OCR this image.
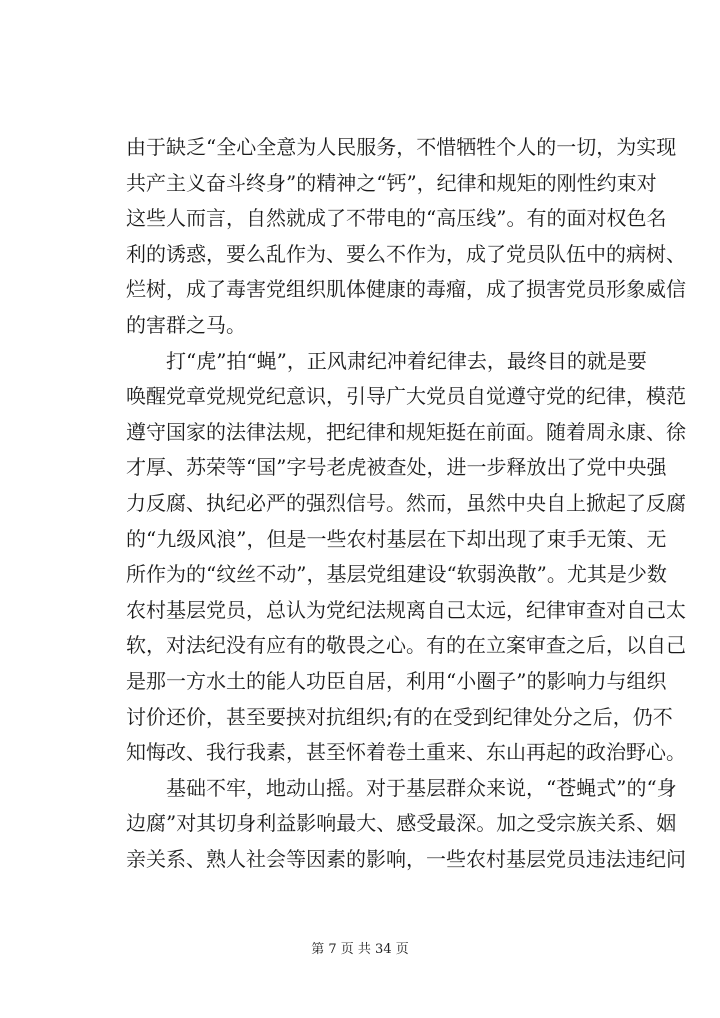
由于缺乏“全心全意为人民服务，不惜牺牲个人的一切，为实现
共产主义奋斗终身”的精神之“钙”，纪律和规矩的刚性约束对
这些人而言，自然就成了不带电的“高压线”。有的面对权色名
利的诱惑，要么乱作为、要么不作为，成了党员队伍中的病树、
烂树，成了毒害党组织肌体健康的毒瘤，成了损害党员形象威信
的害群之马。
打“虎”拍“蝇”，正风肃纪冲着纪律去，最终目的就是要
唤醒党章党规党纪意识，引导广大党员自觉遵守党的纪律，模范
遵守国家的法律法规，把纪律和规矩挺在前面。随着周永康、徐
才厚、苏荣等“国”字号老虎被查处，进一步释放出了党中央强
力反腐、执纪必严的强烈信号。然而，虽然中央自上掀起了反腐
的“九级风浪”，但是一些农村基层在下却出现了束手无策、无
所作为的“纹丝不动”，基层党组建设“软弱涣散”。尤其是少数
农村基层党员，总认为党纪法规离自己太远，纪律审查对自己太
软，对法纪没有应有的敬畏之心。有的在立案审查之后，以自己
是那一方水土的能人功臣自居，利用“小圈子”的影响力与组织
讨价还价，甚至要挟对抗组织;有的在受到纪律处分之后，仍不
知悔改、我行我素，甚至怀着卷土重来、东山再起的政治野心。
基础不牢，地动山摇。对于基层群众来说，“苍蝇式”的“身
边腐”对其切身利益影响最大、感受最深。加之受宗族关系、姻
亲关系、熟人社会等因素的影响，一些农村基层党员违法违纪问
第 7 页 共 34 页
